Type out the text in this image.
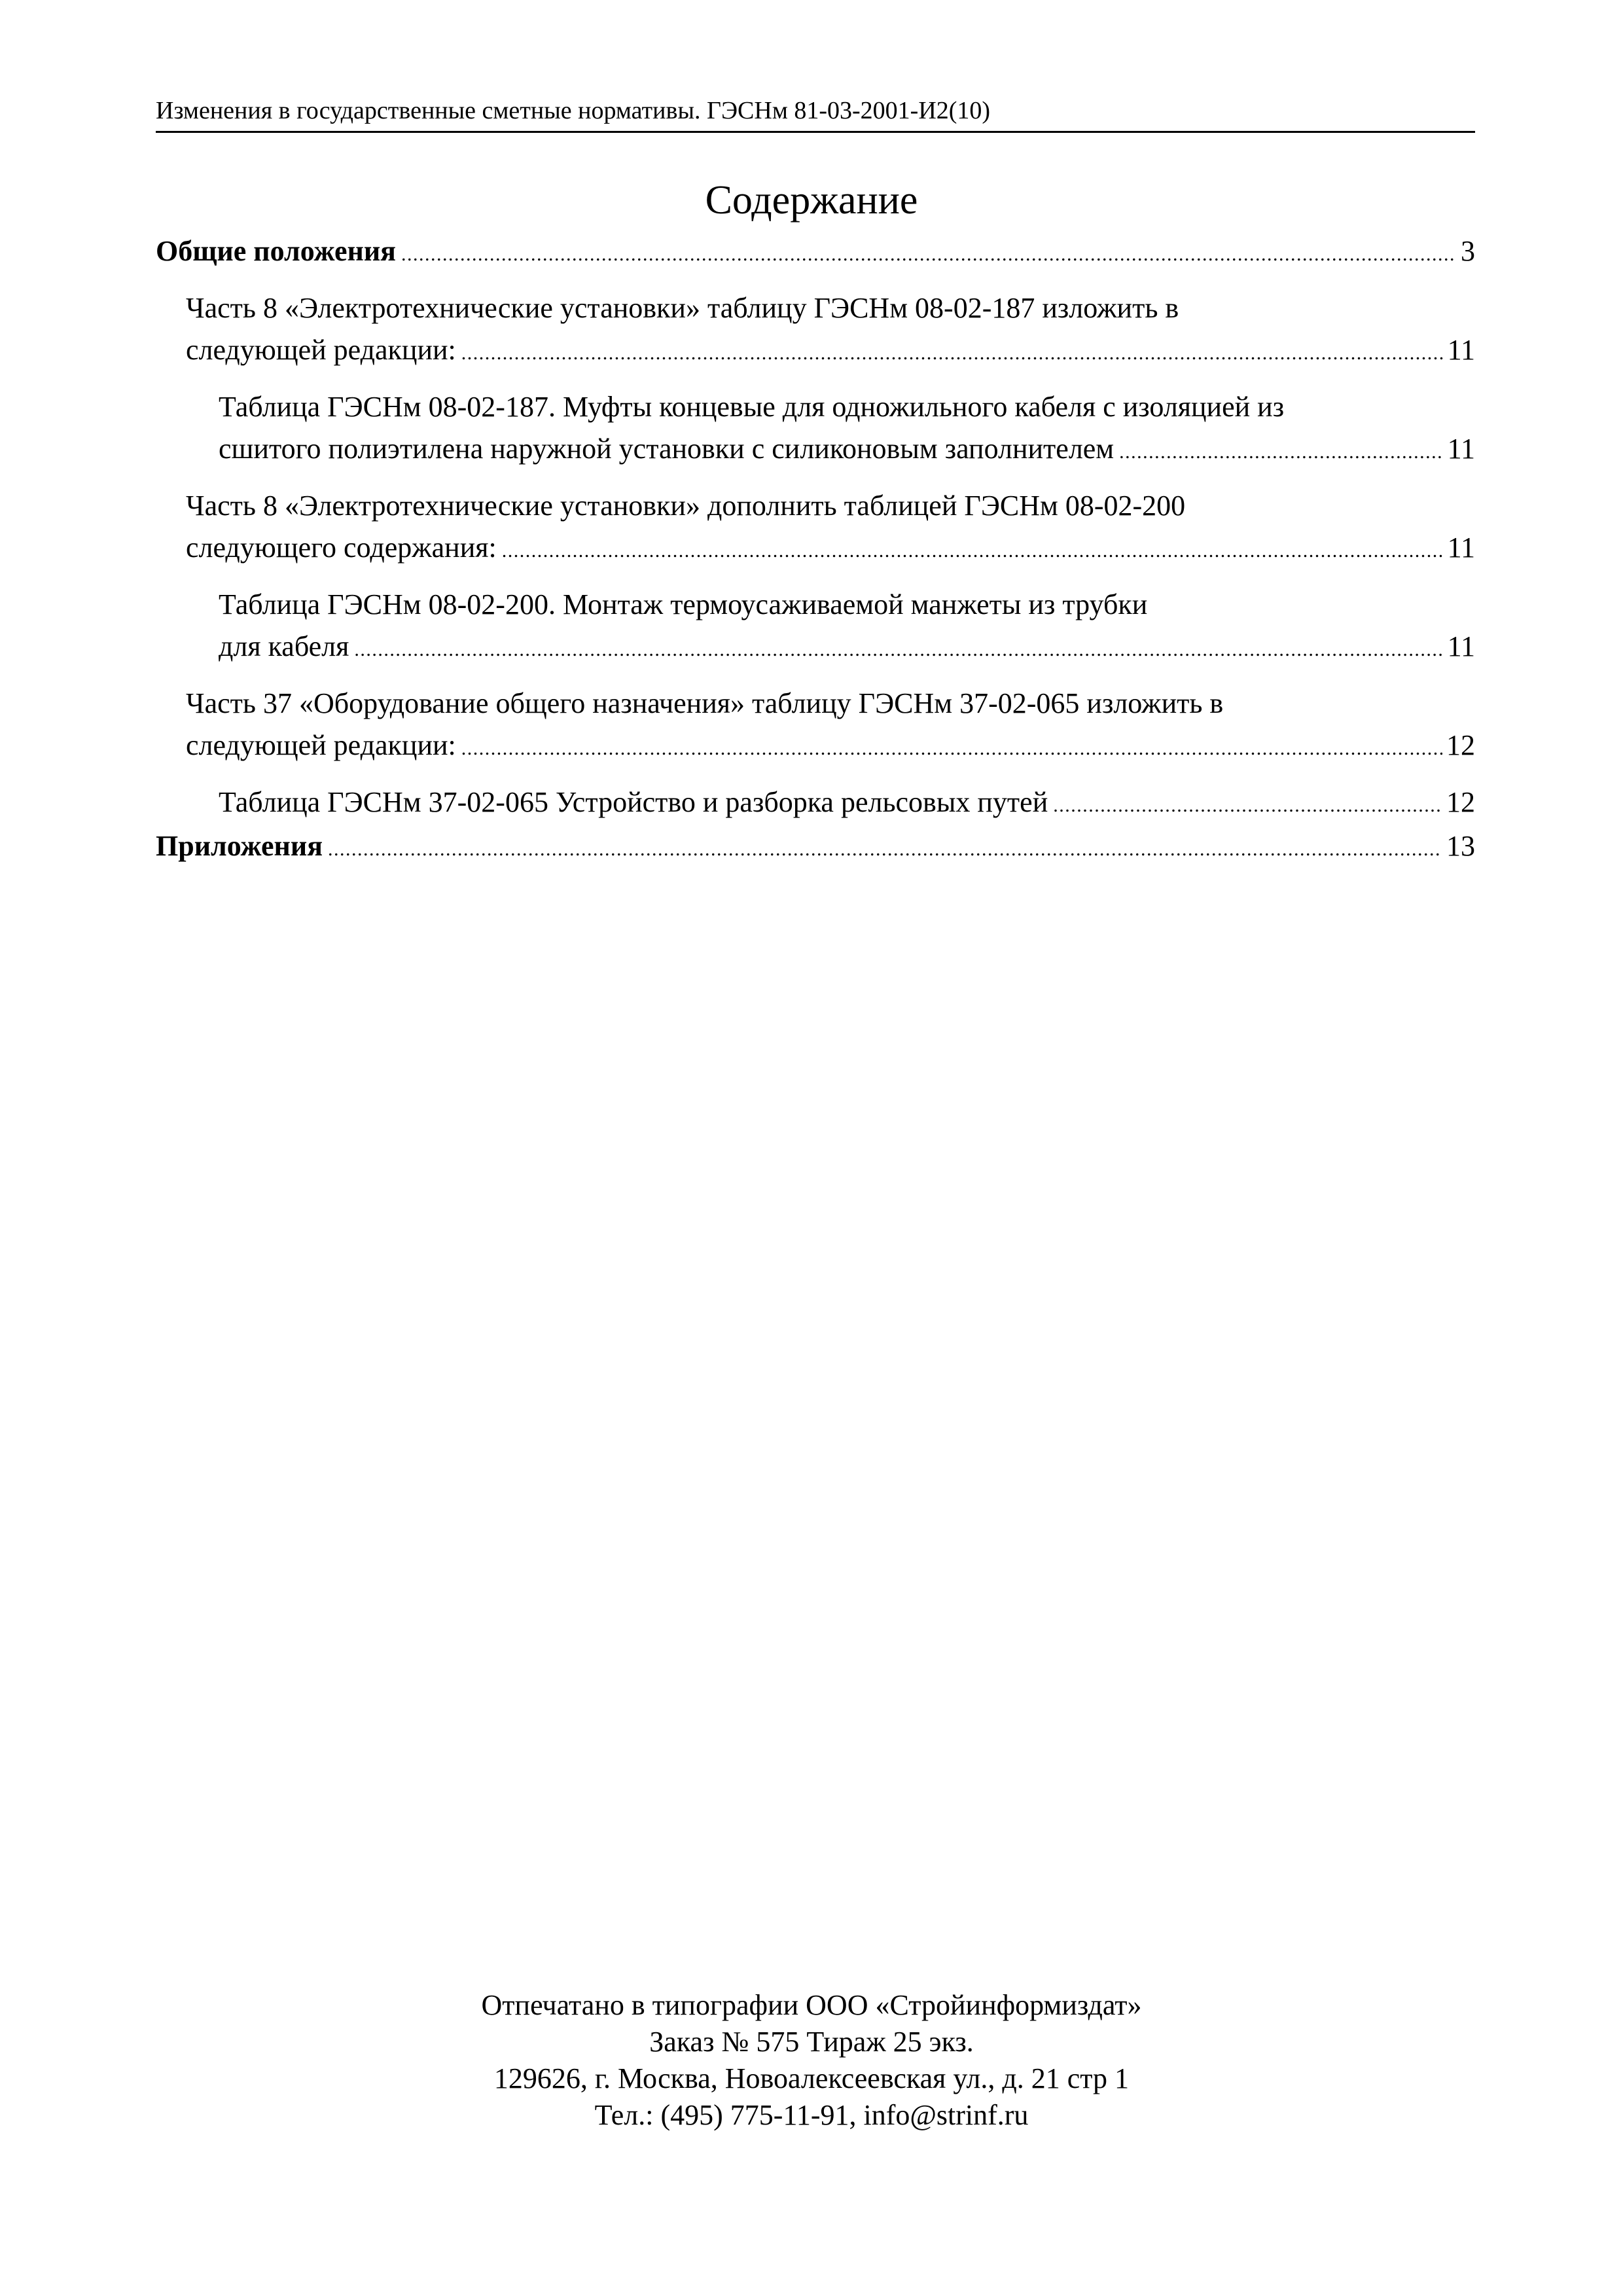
Изменения в государственные сметные нормативы. ГЭСНм 81-03-2001-И2(10)
Содержание
Общие положения . . .	3
Часть 8 «Электротехнические установки» таблицу ГЭСНм 08-02-187 изложить в
следующей редакции: . . .	11
Таблица ГЭСНм 08-02-187. Муфты концевые для одножильного кабеля с изоляцией из
сшитого полиэтилена наружной установки с силиконовым заполнителем . . .	11
Часть 8 «Электротехнические установки» дополнить таблицей ГЭСНм 08-02-200
следующего содержания: . . .	11
Таблица ГЭСНм 08-02-200. Монтаж термоусаживаемой манжеты из трубки
для кабеля . . .	11
Часть 37 «Оборудование общего назначения» таблицу ГЭСНм 37-02-065 изложить в
следующей редакции: . . .	12
Таблица ГЭСНм 37-02-065 Устройство и разборка рельсовых путей . . .	12
Приложения . . .	13
Отпечатано в типографии ООО «Стройинформиздат»
Заказ № 575 Тираж 25 экз.
129626, г. Москва, Новоалексеевская ул., д. 21 стр 1
Тел.: (495) 775-11-91, info@strinf.ru
